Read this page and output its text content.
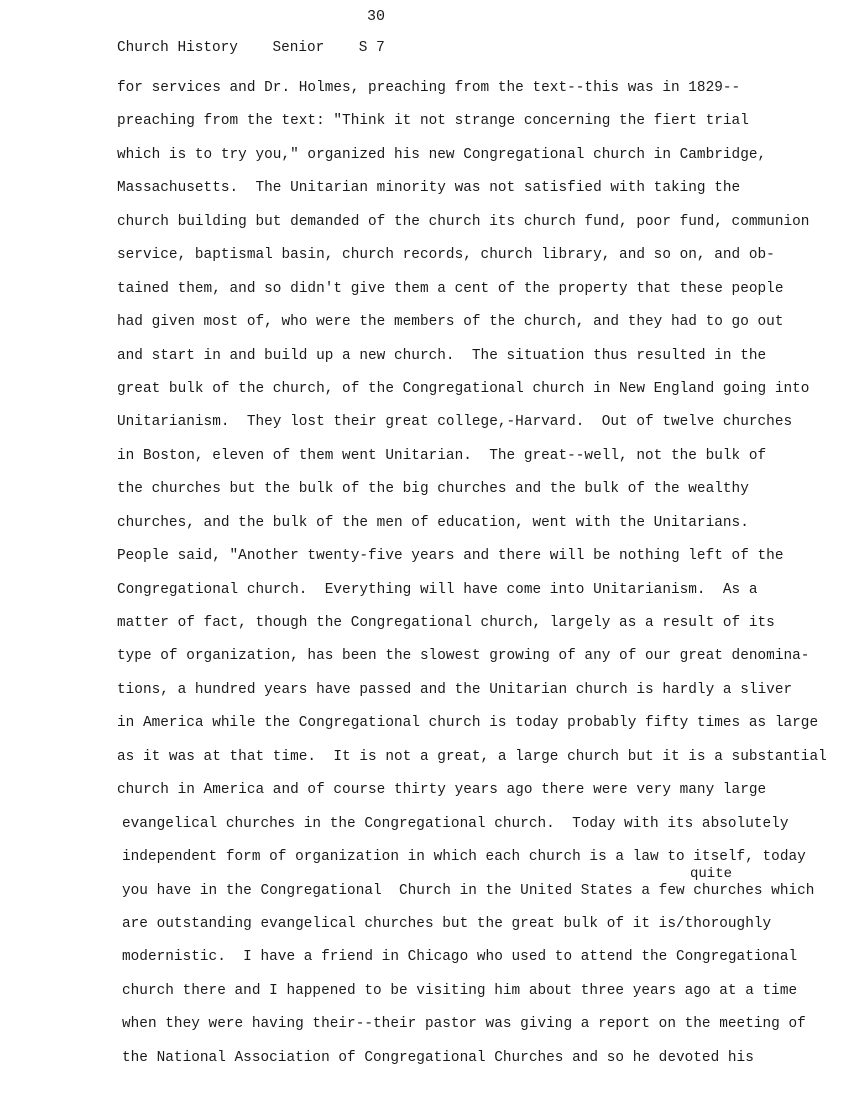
30
Church History    Senior    S 7
quite
for services and Dr. Holmes, preaching from the text--this was in 1829--
preaching from the text: "Think it not strange concerning the fiert trial
which is to try you," organized his new Congregational church in Cambridge,
Massachusetts.  The Unitarian minority was not satisfied with taking the
church building but demanded of the church its church fund, poor fund, communion
service, baptismal basin, church records, church library, and so on, and ob-
tained them, and so didn't give them a cent of the property that these people
had given most of, who were the members of the church, and they had to go out
and start in and build up a new church.  The situation thus resulted in the
great bulk of the church, of the Congregational church in New England going into
Unitarianism.  They lost their great college,-Harvard.  Out of twelve churches
in Boston, eleven of them went Unitarian.  The great--well, not the bulk of
the churches but the bulk of the big churches and the bulk of the wealthy
churches, and the bulk of the men of education, went with the Unitarians.
People said, "Another twenty-five years and there will be nothing left of the
Congregational church.  Everything will have come into Unitarianism.  As a
matter of fact, though the Congregational church, largely as a result of its
type of organization, has been the slowest growing of any of our great denomina-
tions, a hundred years have passed and the Unitarian church is hardly a sliver
in America while the Congregational church is today probably fifty times as large
as it was at that time.  It is not a great, a large church but it is a substantial
church in America and of course thirty years ago there were very many large
evangelical churches in the Congregational church.  Today with its absolutely
independent form of organization in which each church is a law to itself, today
you have in the Congregational  Church in the United States a few churches which
are outstanding evangelical churches but the great bulk of it is/thoroughly
modernistic.  I have a friend in Chicago who used to attend the Congregational
church there and I happened to be visiting him about three years ago at a time
when they were having their--their pastor was giving a report on the meeting of
the National Association of Congregational Churches and so he devoted his
